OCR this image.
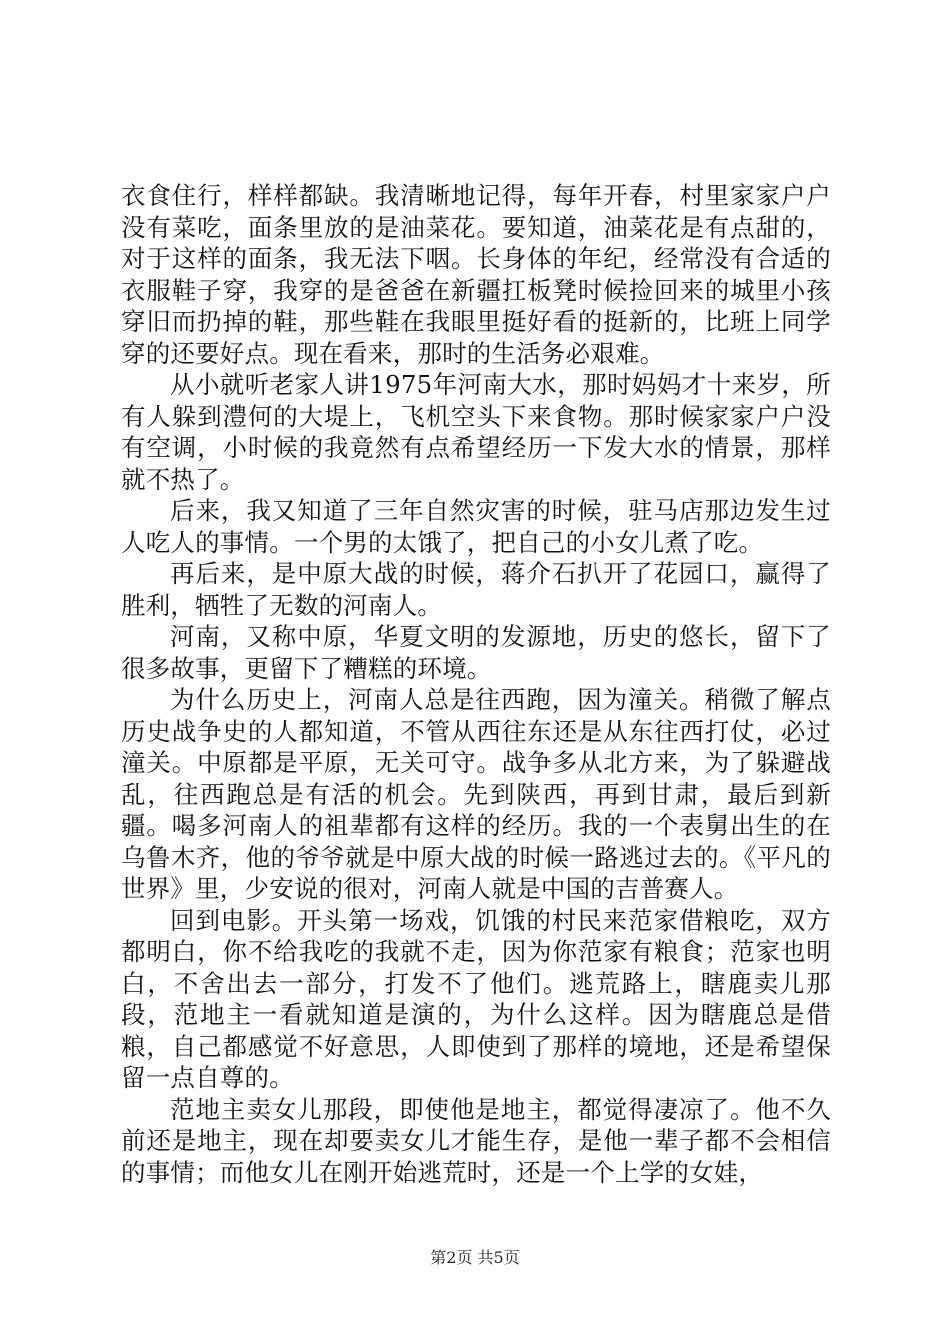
衣食住行，样样都缺。我清晰地记得，每年开春，村里家家户户没有菜吃，面条里放的是油菜花。要知道，油菜花是有点甜的，对于这样的面条，我无法下咽。长身体的年纪，经常没有合适的衣服鞋子穿，我穿的是爸爸在新疆扛板凳时候捡回来的城里小孩穿旧而扔掉的鞋，那些鞋在我眼里挺好看的挺新的，比班上同学穿的还要好点。现在看来，那时的生活务必艰难。

从小就听老家人讲1975年河南大水，那时妈妈才十来岁，所有人躲到澧何的大堤上，飞机空头下来食物。那时候家家户户没有空调，小时候的我竟然有点希望经历一下发大水的情景，那样就不热了。

后来，我又知道了三年自然灾害的时候，驻马店那边发生过人吃人的事情。一个男的太饿了，把自己的小女儿煮了吃。

再后来，是中原大战的时候，蒋介石扒开了花园口，赢得了胜利，牺牲了无数的河南人。

河南，又称中原，华夏文明的发源地，历史的悠长，留下了很多故事，更留下了糟糕的环境。

为什么历史上，河南人总是往西跑，因为潼关。稍微了解点历史战争史的人都知道，不管从西往东还是从东往西打仗，必过潼关。中原都是平原，无关可守。战争多从北方来，为了躲避战乱，往西跑总是有活的机会。先到陕西，再到甘肃，最后到新疆。喝多河南人的祖辈都有这样的经历。我的一个表舅出生的在乌鲁木齐，他的爷爷就是中原大战的时候一路逃过去的。《平凡的世界》里，少安说的很对，河南人就是中国的吉普赛人。

回到电影。开头第一场戏，饥饿的村民来范家借粮吃，双方都明白，你不给我吃的我就不走，因为你范家有粮食；范家也明白，不舍出去一部分，打发不了他们。逃荒路上，瞎鹿卖儿那段，范地主一看就知道是演的，为什么这样。因为瞎鹿总是借粮，自己都感觉不好意思，人即使到了那样的境地，还是希望保留一点自尊的。

范地主卖女儿那段，即使他是地主，都觉得凄凉了。他不久前还是地主，现在却要卖女儿才能生存，是他一辈子都不会相信的事情；而他女儿在刚开始逃荒时，还是一个上学的女娃，

第2页 共5页
